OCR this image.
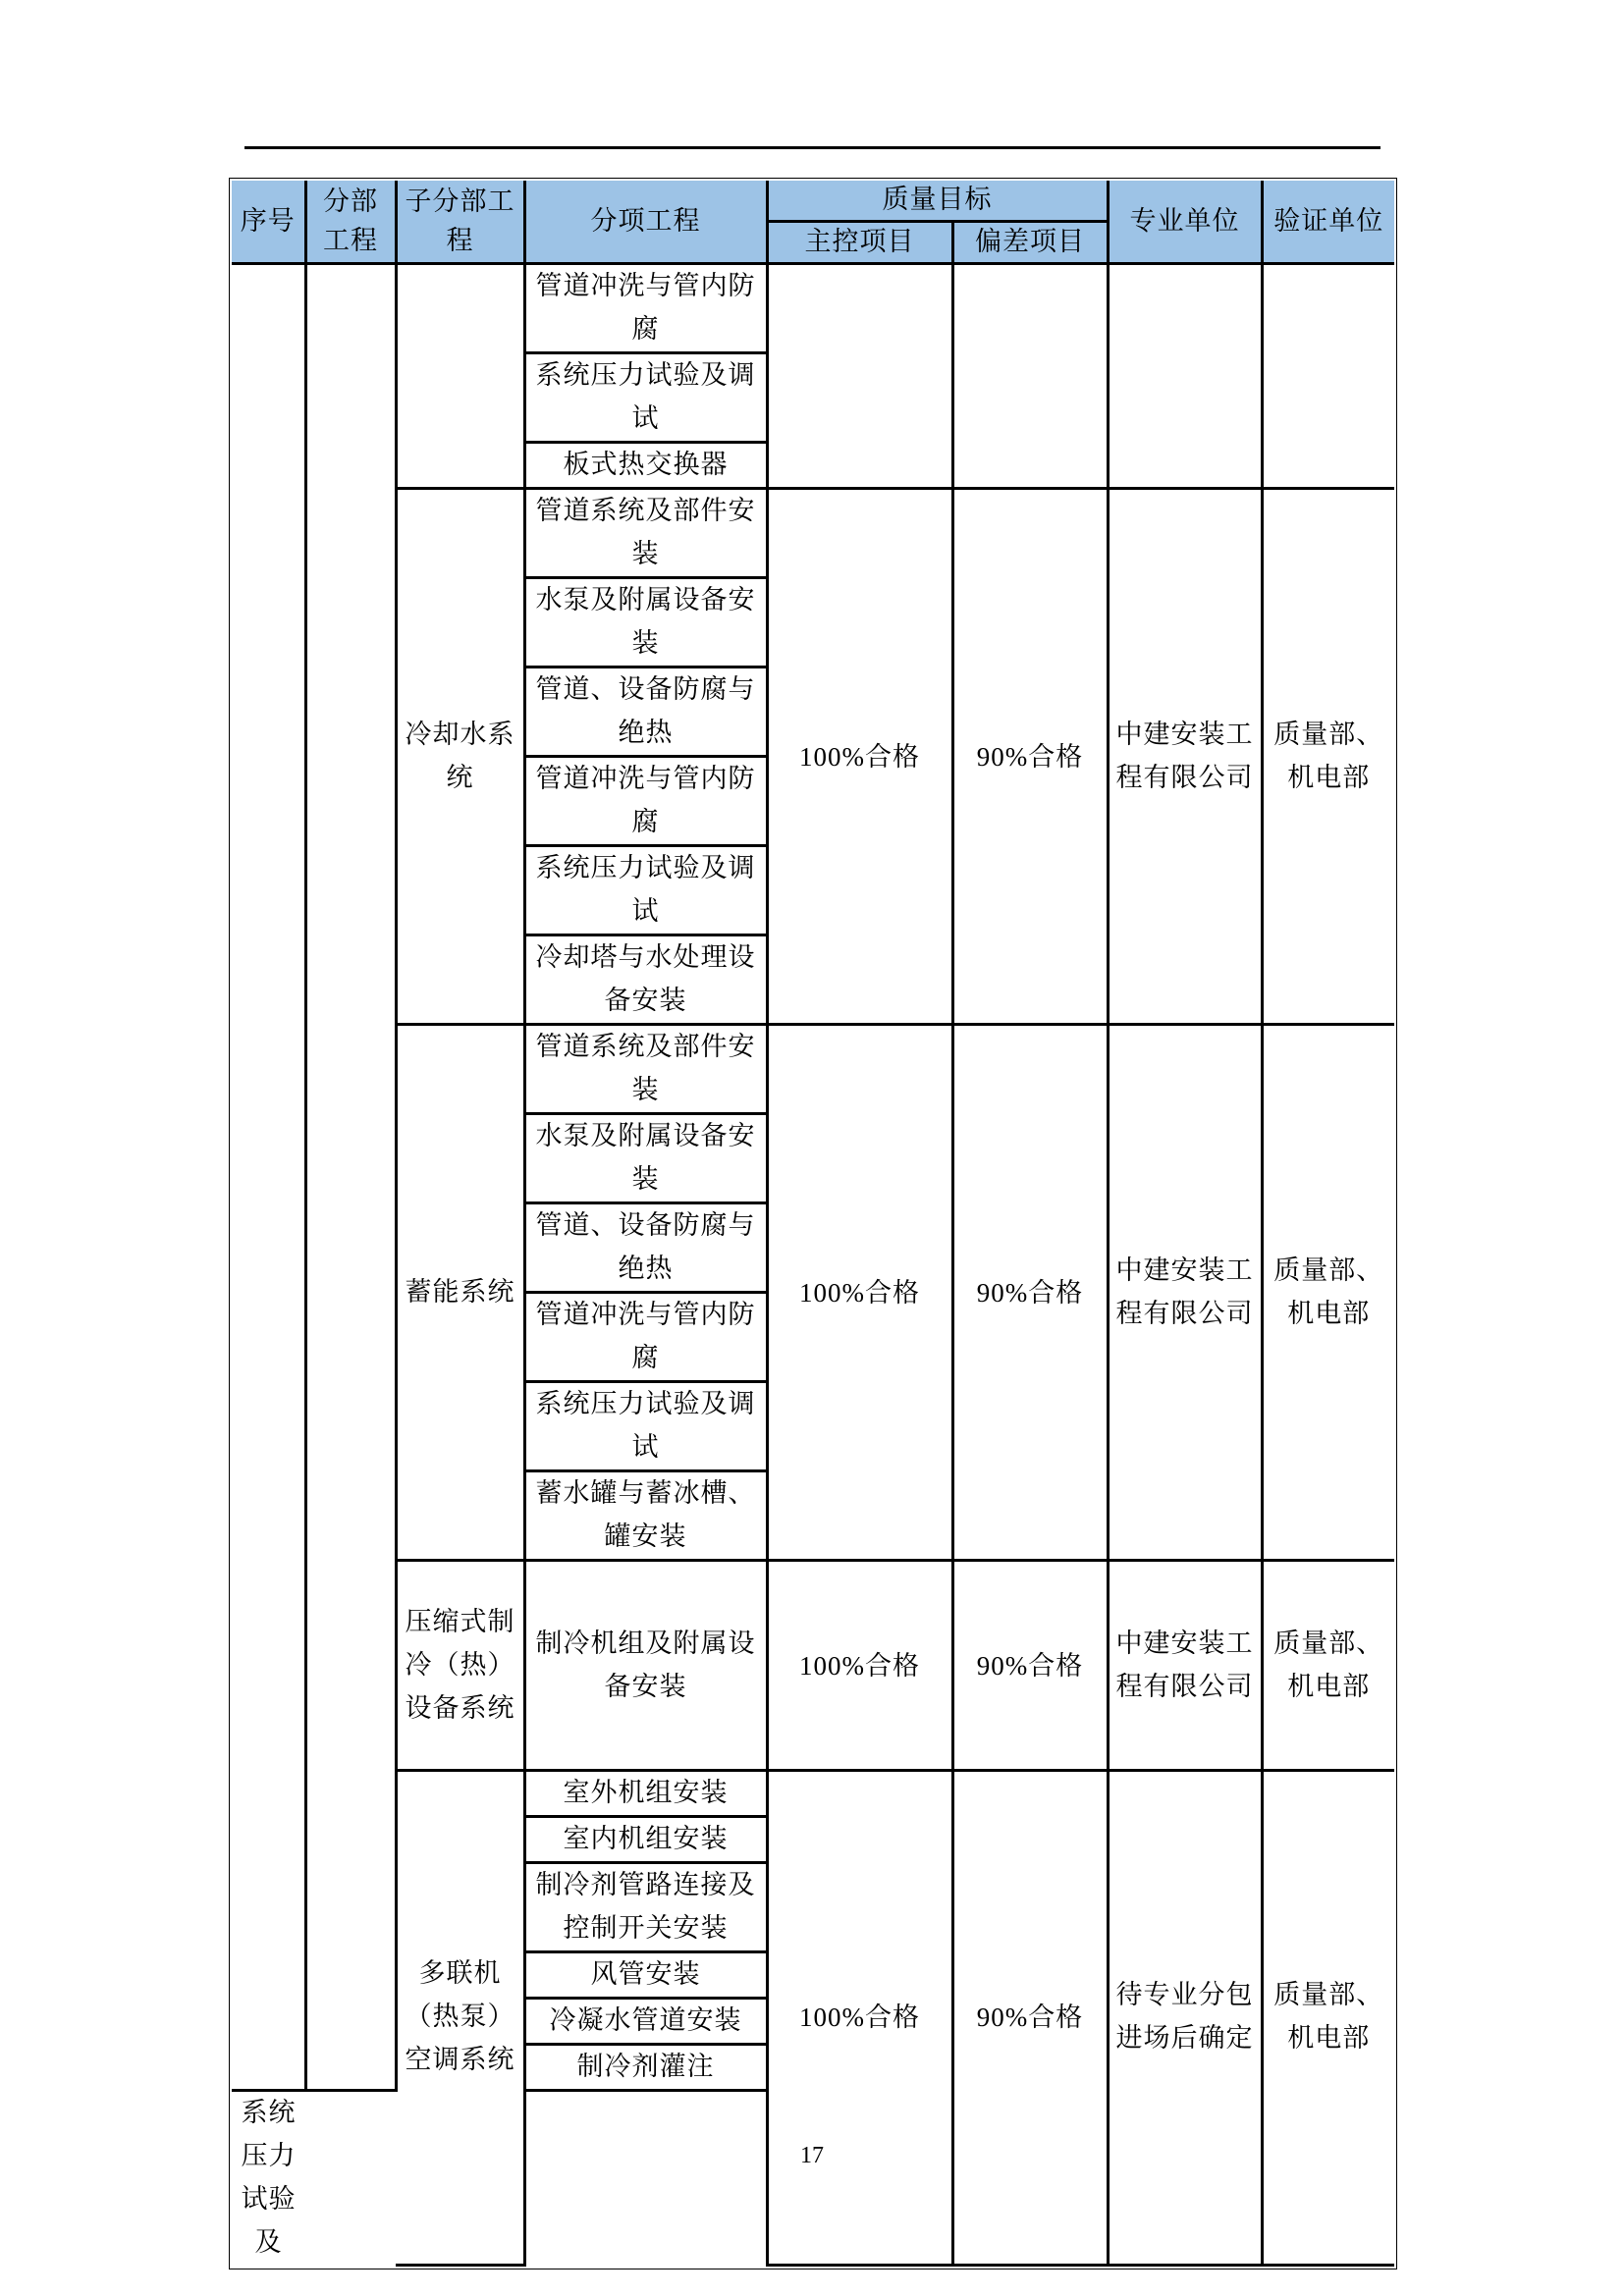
序号	分部工程	子分部工程	分项工程	质量目标		专业单位	验证单位
				主控项目	偏差项目		
			管道冲洗与管内防腐				
			系统压力试验及调试				
			板式热交换器				
		冷却水系统	管道系统及部件安装	100%合格	90%合格	中建安装工程有限公司	质量部、机电部
			水泵及附属设备安装				
			管道、设备防腐与绝热				
			管道冲洗与管内防腐				
			系统压力试验及调试				
			冷却塔与水处理设备安装				
		蓄能系统	管道系统及部件安装	100%合格	90%合格	中建安装工程有限公司	质量部、机电部
			水泵及附属设备安装				
			管道、设备防腐与绝热				
			管道冲洗与管内防腐				
			系统压力试验及调试				
			蓄水罐与蓄冰槽、罐安装				
		压缩式制冷（热）设备系统	制冷机组及附属设备安装	100%合格	90%合格	中建安装工程有限公司	质量部、机电部
		多联机（热泵）空调系统	室外机组安装	100%合格	90%合格	待专业分包进场后确定	质量部、机电部
			室内机组安装				
			制冷剂管路连接及控制开关安装				
			风管安装				
			冷凝水管道安装				
			制冷剂灌注				
系统压力试验及							
17
